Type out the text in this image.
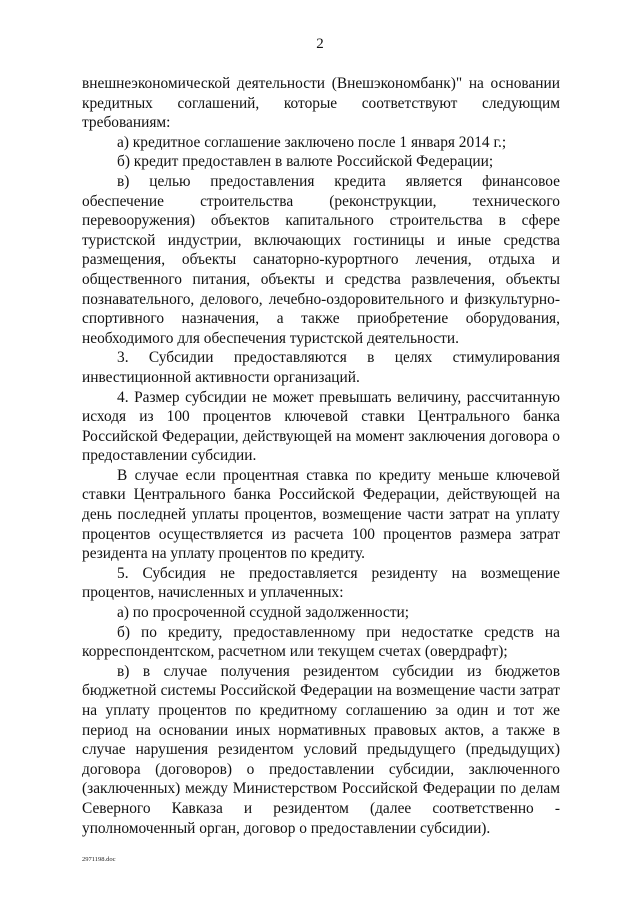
2

внешнеэкономической деятельности (Внешэкономбанк)" на основании кредитных соглашений, которые соответствуют следующим требованиям:

а) кредитное соглашение заключено после 1 января 2014 г.;

б) кредит предоставлен в валюте Российской Федерации;

в) целью предоставления кредита является финансовое обеспечение строительства (реконструкции, технического перевооружения) объектов капитального строительства в сфере туристской индустрии, включающих гостиницы и иные средства размещения, объекты санаторно-курортного лечения, отдыха и общественного питания, объекты и средства развлечения, объекты познавательного, делового, лечебно-оздоровительного и физкультурно-спортивного назначения, а также приобретение оборудования, необходимого для обеспечения туристской деятельности.

3. Субсидии предоставляются в целях стимулирования инвестиционной активности организаций.

4. Размер субсидии не может превышать величину, рассчитанную исходя из 100 процентов ключевой ставки Центрального банка Российской Федерации, действующей на момент заключения договора о предоставлении субсидии.

В случае если процентная ставка по кредиту меньше ключевой ставки Центрального банка Российской Федерации, действующей на день последней уплаты процентов, возмещение части затрат на уплату процентов осуществляется из расчета 100 процентов размера затрат резидента на уплату процентов по кредиту.

5. Субсидия не предоставляется резиденту на возмещение процентов, начисленных и уплаченных:

а) по просроченной ссудной задолженности;

б) по кредиту, предоставленному при недостатке средств на корреспондентском, расчетном или текущем счетах (овердрафт);

в) в случае получения резидентом субсидии из бюджетов бюджетной системы Российской Федерации на возмещение части затрат на уплату процентов по кредитному соглашению за один и тот же период на основании иных нормативных правовых актов, а также в случае нарушения резидентом условий предыдущего (предыдущих) договора (договоров) о предоставлении субсидии, заключенного (заключенных) между Министерством Российской Федерации по делам Северного Кавказа и резидентом (далее соответственно - уполномоченный орган, договор о предоставлении субсидии).

2971198.doc
